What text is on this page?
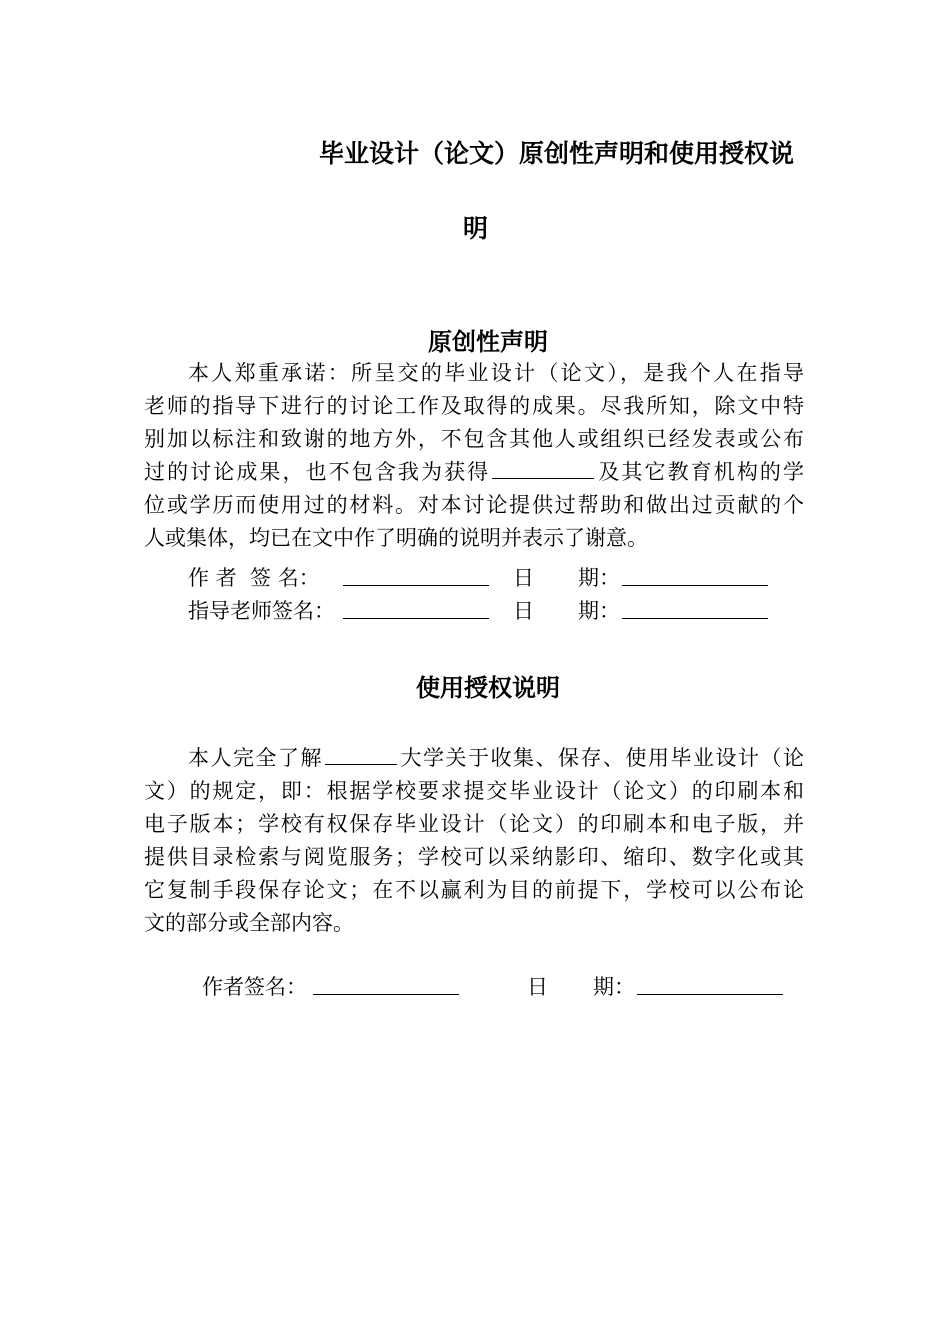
毕业设计（论文）原创性声明和使用授权说
明
原创性声明
本人郑重承诺：所呈交的毕业设计（论文），是我个人在指导
老师的指导下进行的讨论工作及取得的成果。尽我所知，除文中特
别加以标注和致谢的地方外，不包含其他人或组织已经发表或公布
过的讨论成果，也不包含我为获得	及其它教育机构的学
位或学历而使用过的材料。对本讨论提供过帮助和做出过贡献的个
人或集体，均已在文中作了明确的说明并表示了谢意。
作 者  签 名：	日 期：
指导老师签名：	日 期：
使用授权说明
本人完全了解	大学关于收集、保存、使用毕业设计（论
文）的规定，即：根据学校要求提交毕业设计（论文）的印刷本和
电子版本；学校有权保存毕业设计（论文）的印刷本和电子版，并
提供目录检索与阅览服务；学校可以采纳影印、缩印、数字化或其
它复制手段保存论文；在不以赢利为目的前提下，学校可以公布论
文的部分或全部内容。
作者签名：	日 期：
